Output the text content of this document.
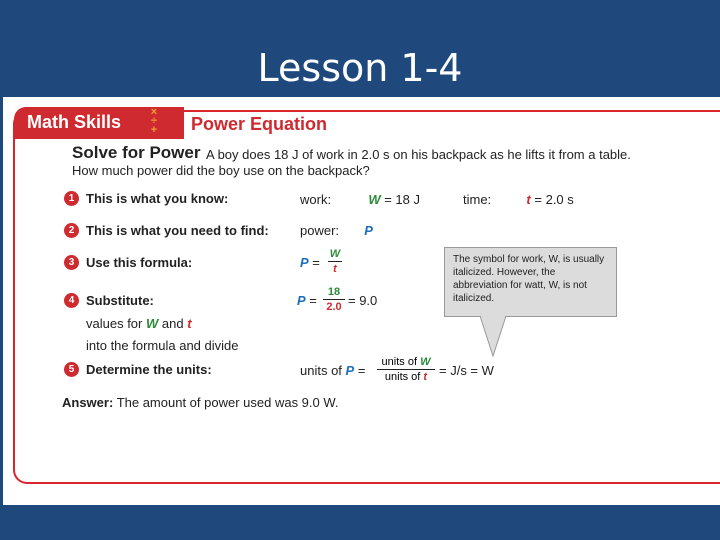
Lesson 1-4
Math Skills	×
÷
+ Power Equation
Solve for Power A boy does 18 J of work in 2.0 s on his backpack as he lifts it from a table.
How much power did the boy use on the backpack?
1 This is what you know:	work:	W = 18 J	time:	t = 2.0 s
2 This is what you need to find: power: P
3 Use this formula:	P =
W
t
4 Substitute:
values for W and t
into the formula and divide
P =
18
2.0 = 9.0
5 Determine the units:	units of P =
units of W
units of t = J/s = W
Answer: The amount of power used was 9.0 W.
The symbol for work, W, is usually italicized. However, the abbreviation for watt, W, is not italicized.
